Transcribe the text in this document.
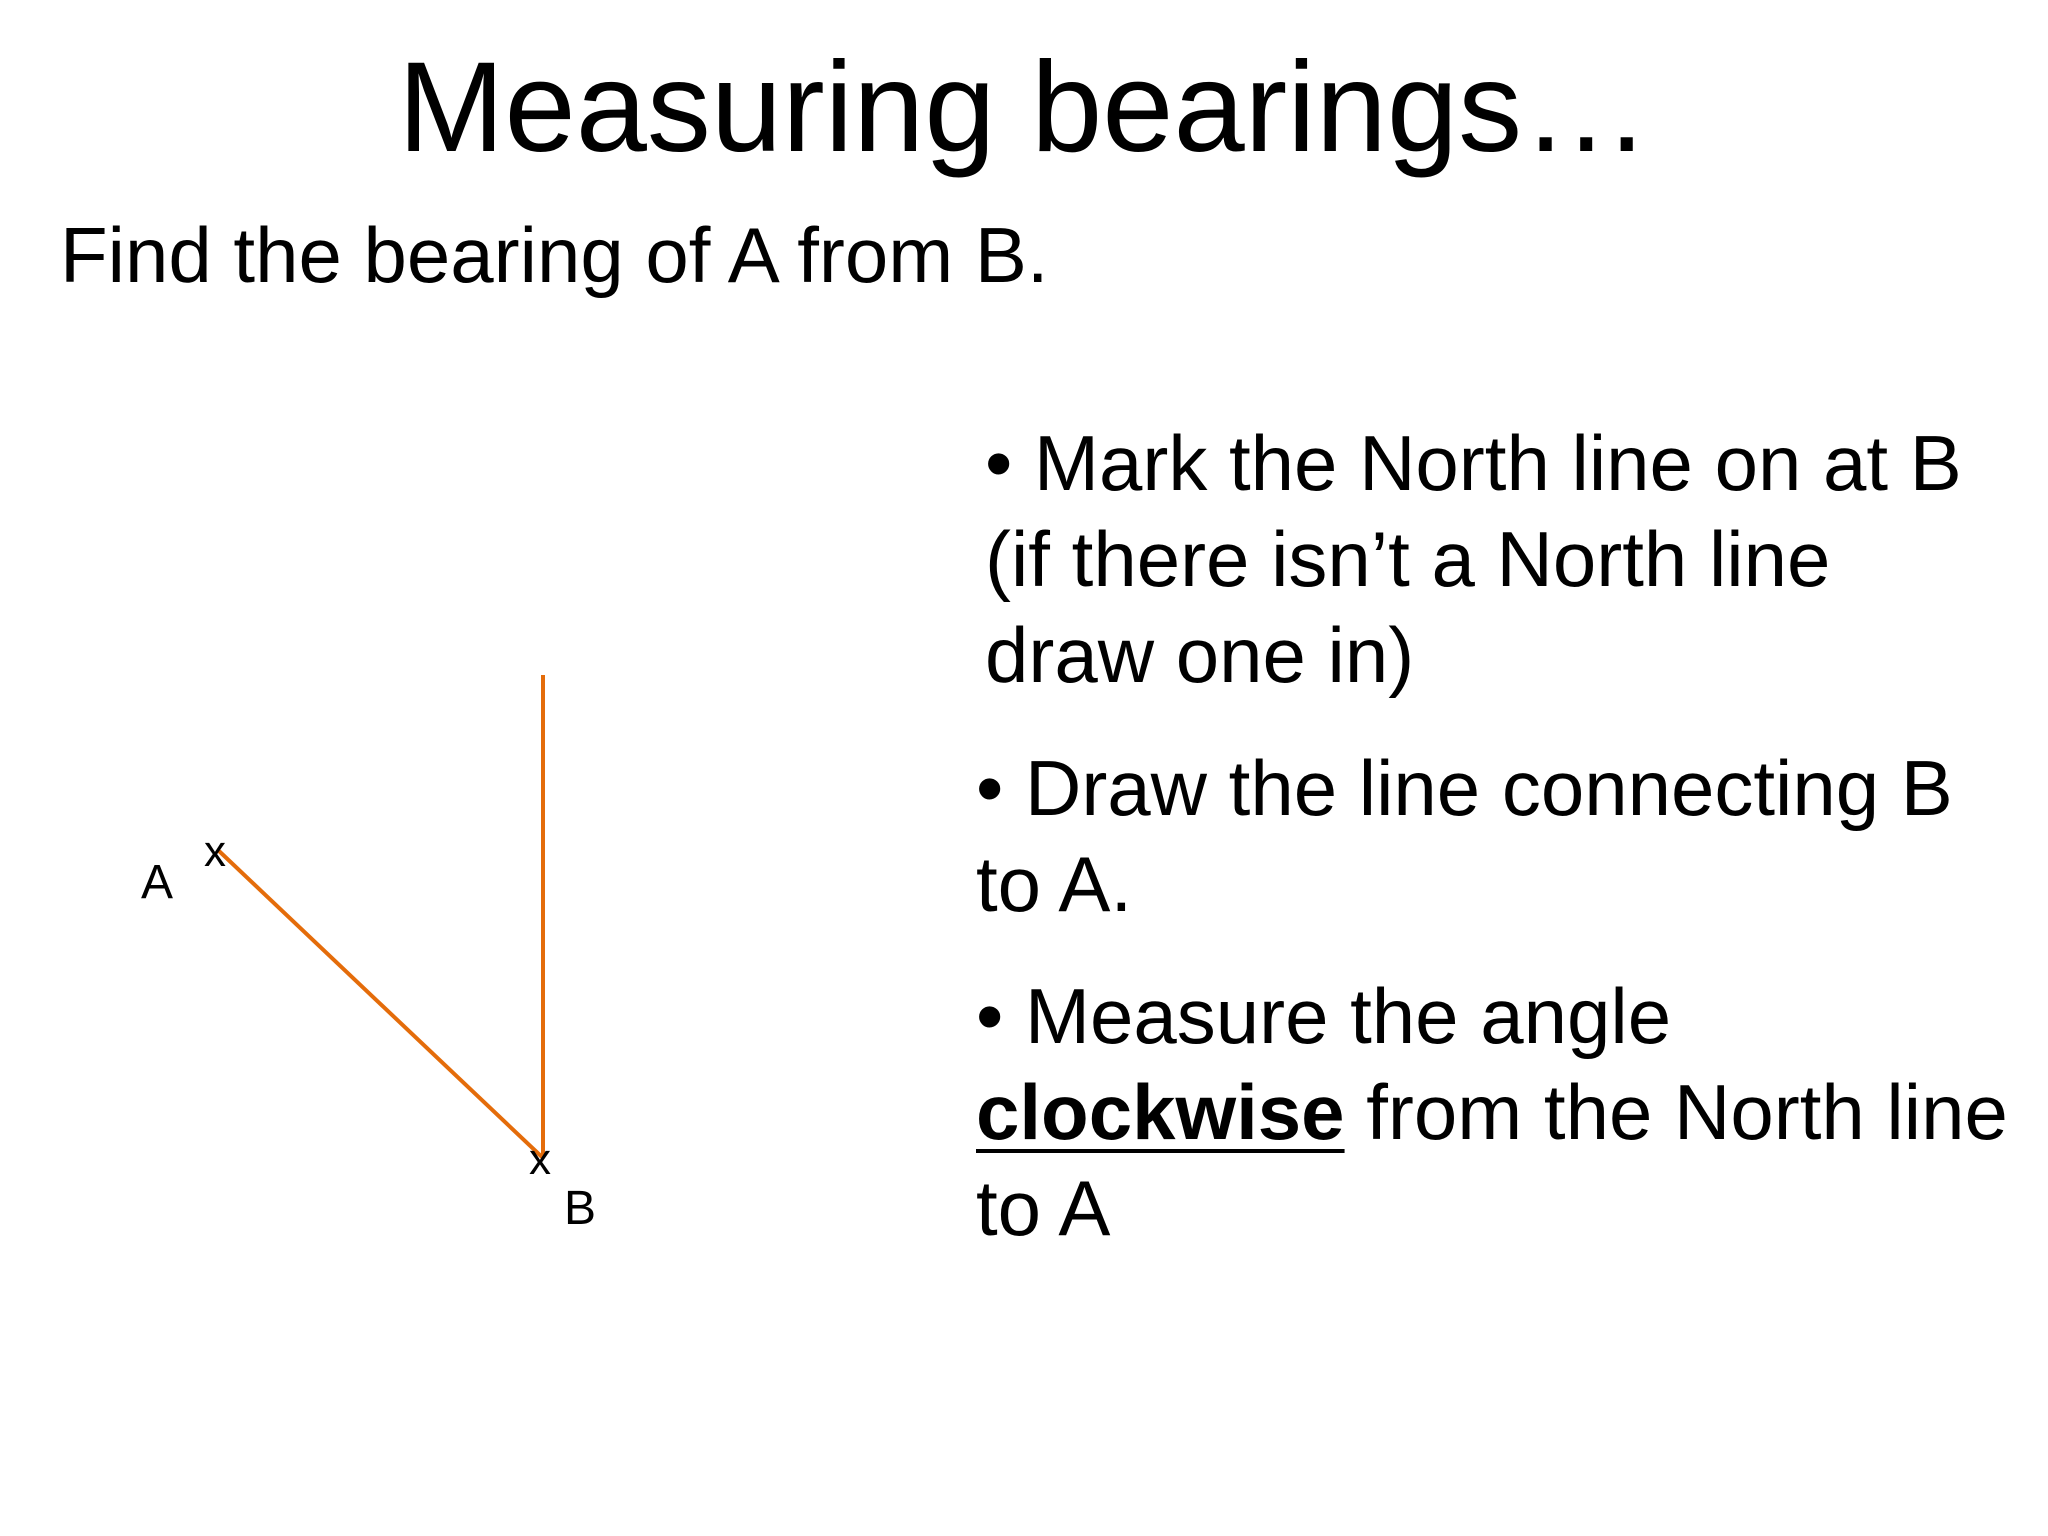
Measuring bearings…
Find the bearing of A from B.
x
A
x
B
• Mark the North line on at B
(if there isn’t a North line
draw one in)
• Draw the line connecting B
to A.
• Measure the angle
clockwise from the North line
to A
